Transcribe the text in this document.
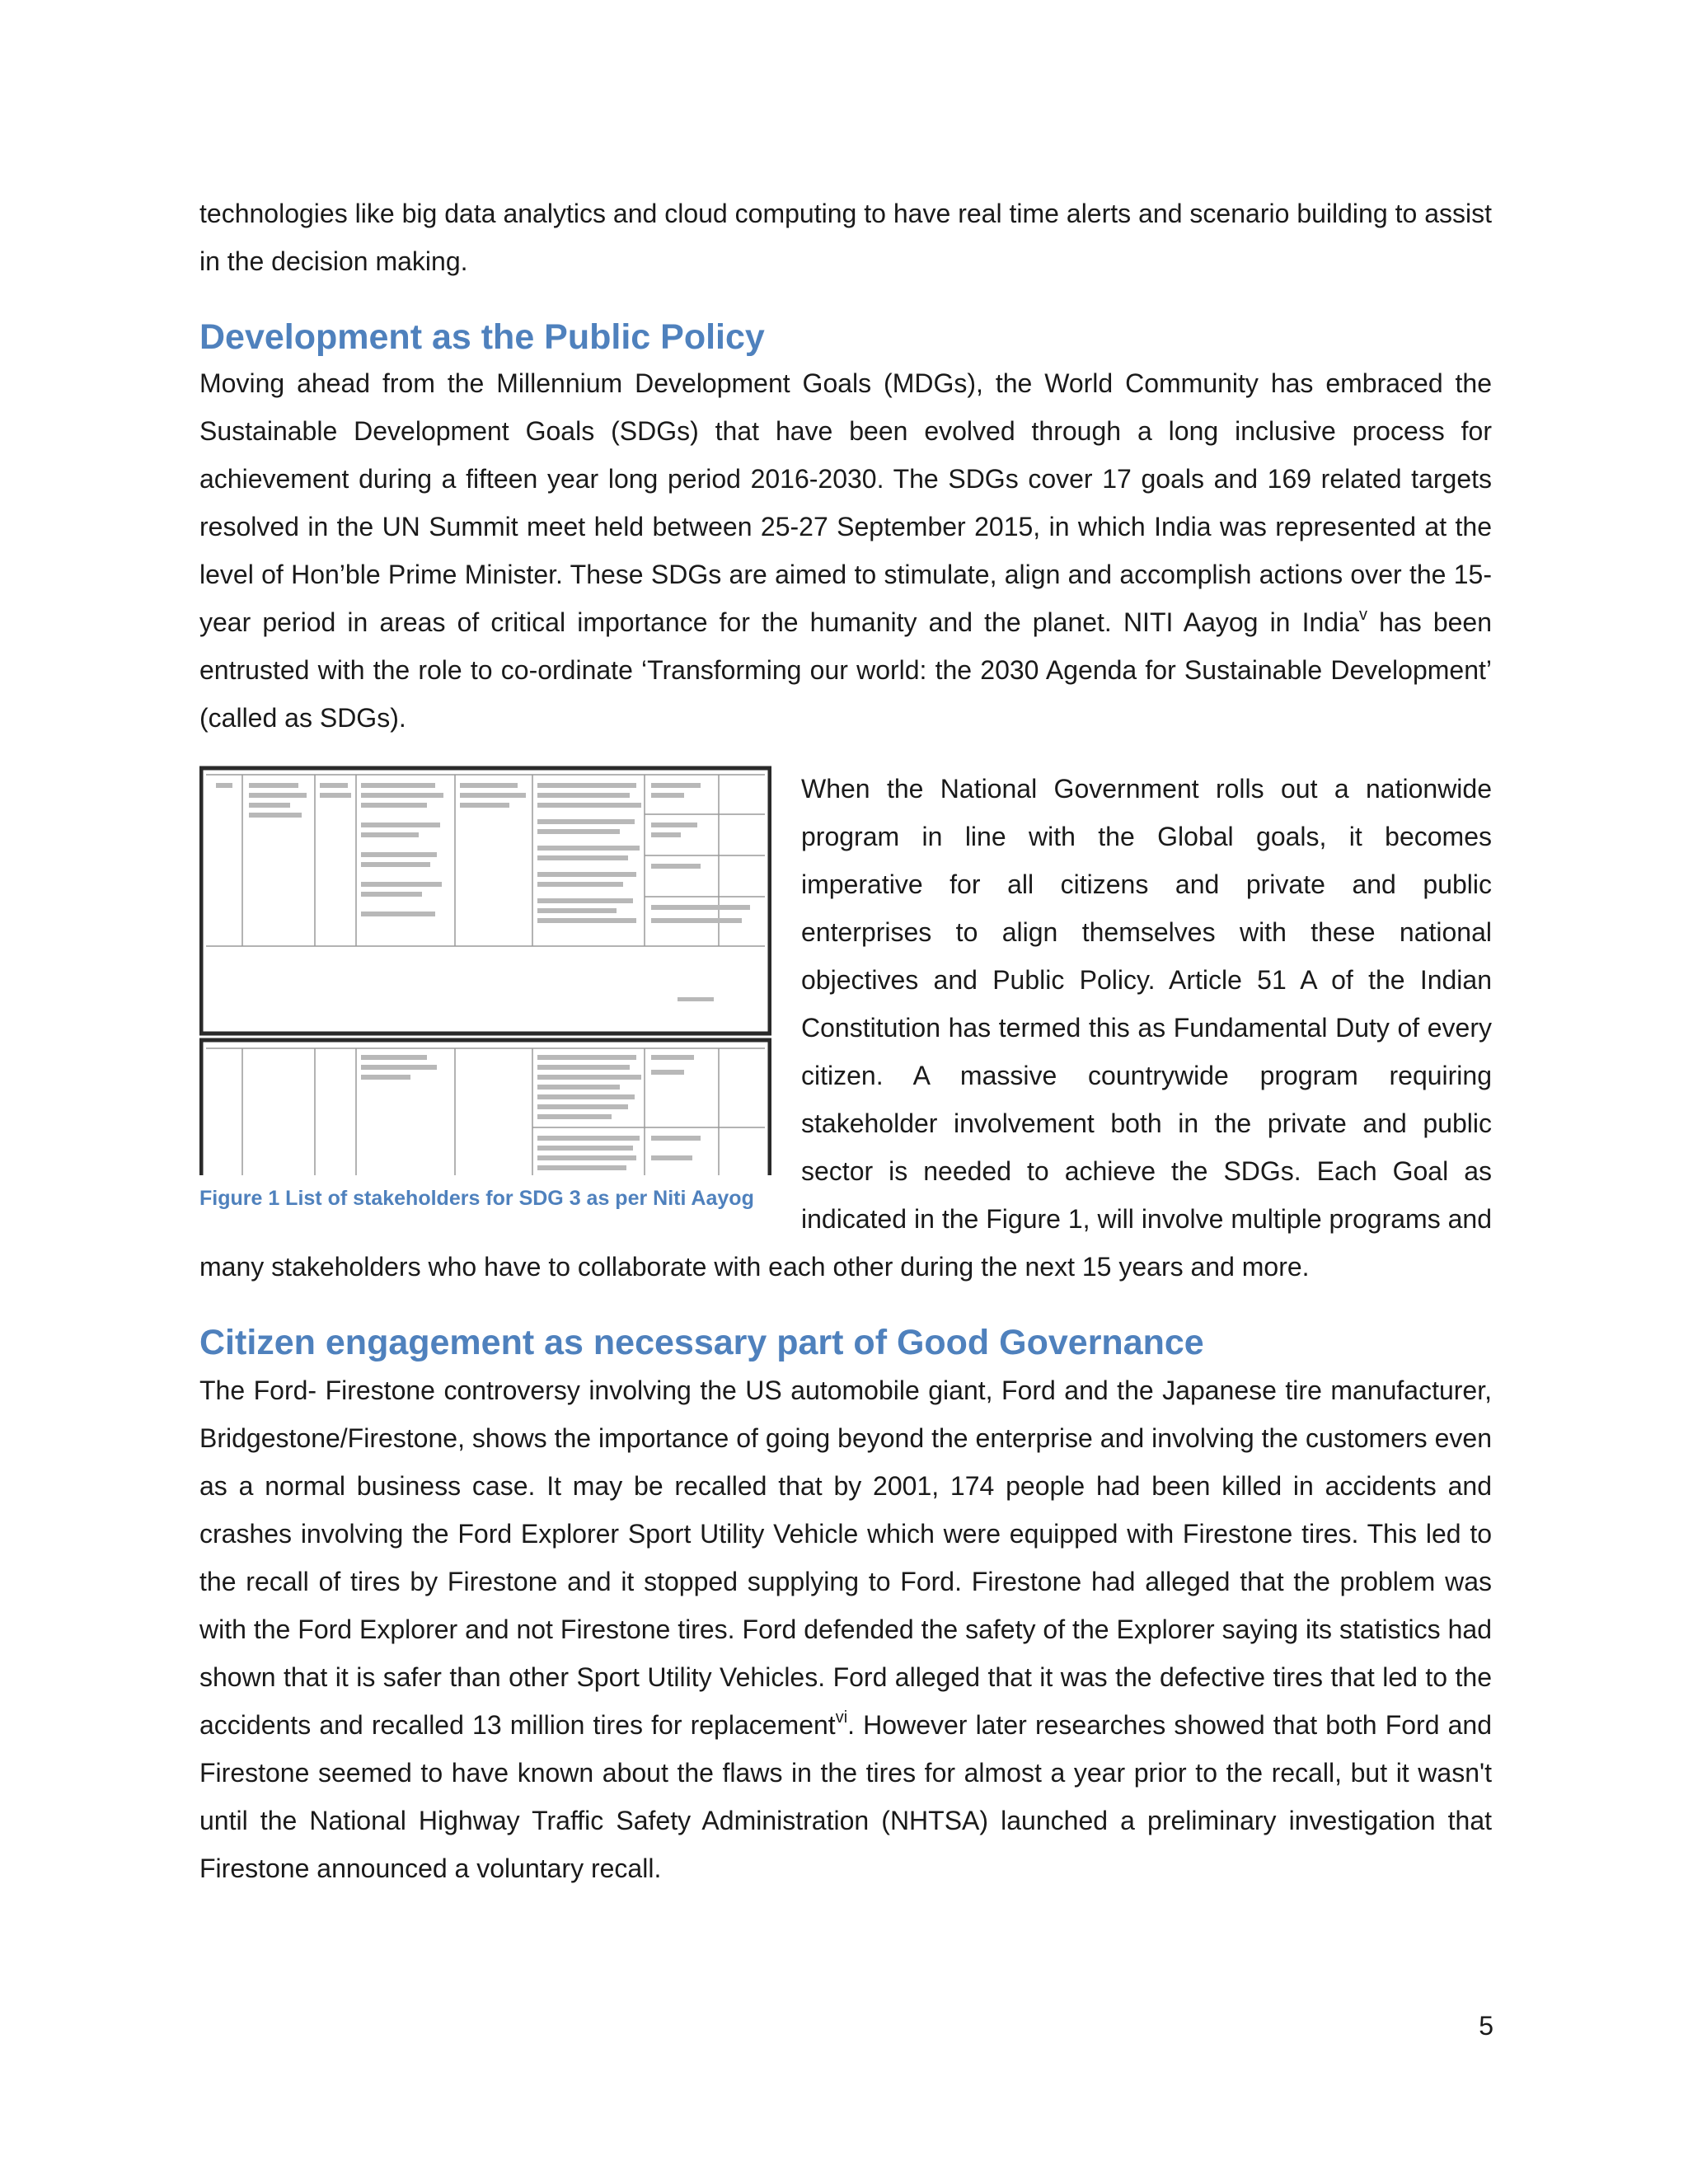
technologies like big data analytics and cloud computing to have real time alerts and scenario building to assist in the decision making.

Development as the Public Policy

Moving ahead from the Millennium Development Goals (MDGs), the World Community has embraced the Sustainable Development Goals (SDGs) that have been evolved through a long inclusive process for achievement during a fifteen year long period 2016-2030. The SDGs cover 17 goals and 169 related targets resolved in the UN Summit meet held between 25-27 September 2015, in which India was represented at the level of Hon’ble Prime Minister. These SDGs are aimed to stimulate, align and accomplish actions over the 15-year period in areas of critical importance for the humanity and the planet. NITI Aayog in India$^v$ has been entrusted with the role to co-ordinate ‘Transforming our world: the 2030 Agenda for Sustainable Development’ (called as SDGs).

Figure 1 List of stakeholders for SDG 3 as per Niti Aayog

When the National Government rolls out a nationwide program in line with the Global goals, it becomes imperative for all citizens and private and public enterprises to align themselves with these national objectives and Public Policy. Article 51 A of the Indian Constitution has termed this as Fundamental Duty of every citizen. A massive countrywide program requiring stakeholder involvement both in the private and public sector is needed to achieve the SDGs. Each Goal as indicated in the Figure 1, will involve multiple programs and many stakeholders who have to collaborate with each other during the next 15 years and more.

Citizen engagement as necessary part of Good Governance

The Ford- Firestone controversy involving the US automobile giant, Ford and the Japanese tire manufacturer, Bridgestone/Firestone, shows the importance of going beyond the enterprise and involving the customers even as a normal business case. It may be recalled that by 2001, 174 people had been killed in accidents and crashes involving the Ford Explorer Sport Utility Vehicle which were equipped with Firestone tires. This led to the recall of tires by Firestone and it stopped supplying to Ford. Firestone had alleged that the problem was with the Ford Explorer and not Firestone tires. Ford defended the safety of the Explorer saying its statistics had shown that it is safer than other Sport Utility Vehicles. Ford alleged that it was the defective tires that led to the accidents and recalled 13 million tires for replacement$^{vi}$. However later researches showed that both Ford and Firestone seemed to have known about the flaws in the tires for almost a year prior to the recall, but it wasn't until the National Highway Traffic Safety Administration (NHTSA) launched a preliminary investigation that Firestone announced a voluntary recall.

5
